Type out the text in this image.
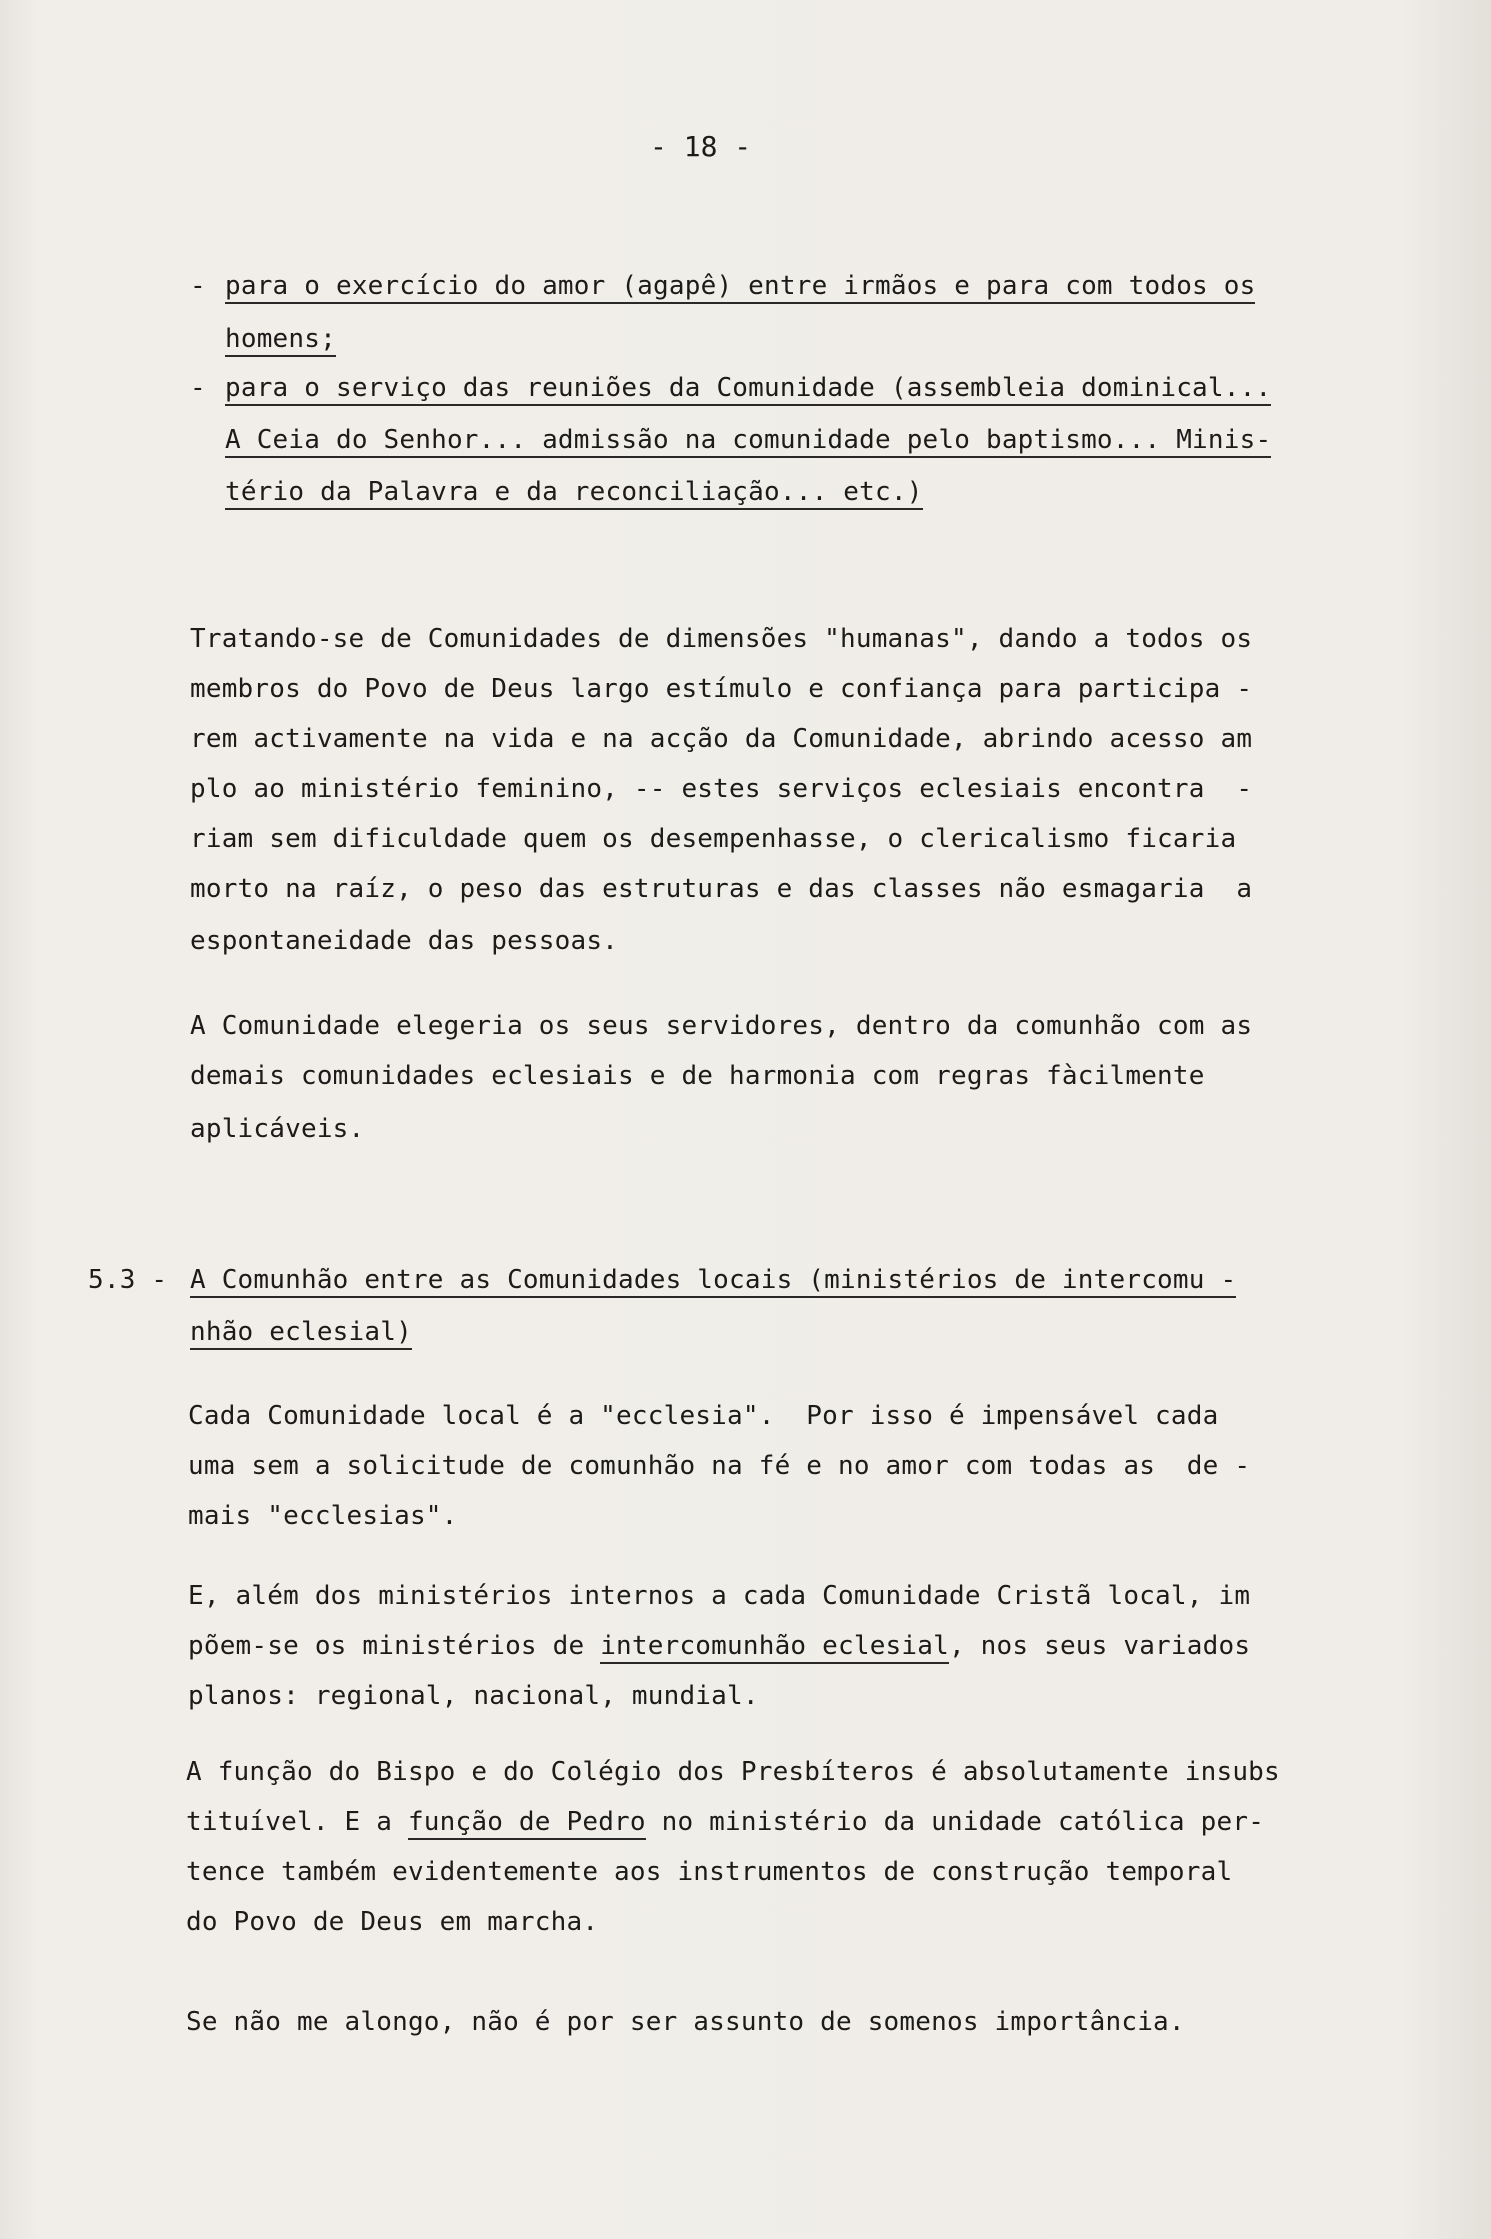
- 18 -
- para o exercício do amor (agapê) entre irmãos e para com todos os
homens;
- para o serviço das reuniões da Comunidade (assembleia dominical...
A Ceia do Senhor... admissão na comunidade pelo baptismo... Minis-
tério da Palavra e da reconciliação... etc.)
Tratando-se de Comunidades de dimensões "humanas", dando a todos os
membros do Povo de Deus largo estímulo e confiança para participa -
rem activamente na vida e na acção da Comunidade, abrindo acesso am
plo ao ministério feminino, -- estes serviços eclesiais encontra  -
riam sem dificuldade quem os desempenhasse, o clericalismo ficaria
morto na raíz, o peso das estruturas e das classes não esmagaria  a
espontaneidade das pessoas.
A Comunidade elegeria os seus servidores, dentro da comunhão com as
demais comunidades eclesiais e de harmonia com regras fàcilmente
aplicáveis.
5.3 - A Comunhão entre as Comunidades locais (ministérios de intercomu -
nhão eclesial)
Cada Comunidade local é a "ecclesia".  Por isso é impensável cada
uma sem a solicitude de comunhão na fé e no amor com todas as  de -
mais "ecclesias".
E, além dos ministérios internos a cada Comunidade Cristã local, im
põem-se os ministérios de intercomunhão eclesial, nos seus variados
planos: regional, nacional, mundial.
A função do Bispo e do Colégio dos Presbíteros é absolutamente insubs
tituível. E a função de Pedro no ministério da unidade católica per-
tence também evidentemente aos instrumentos de construção temporal
do Povo de Deus em marcha.
Se não me alongo, não é por ser assunto de somenos importância.
